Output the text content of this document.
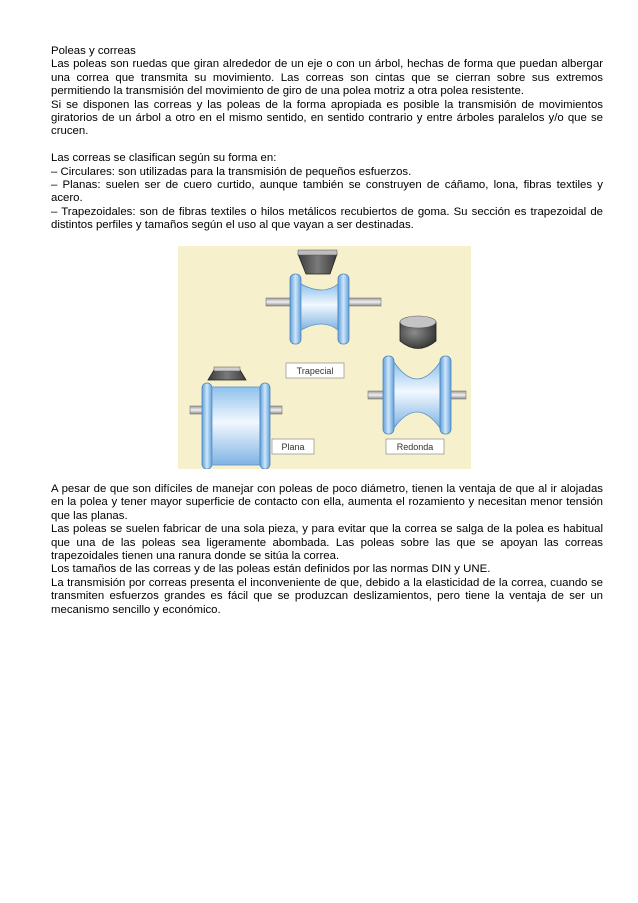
Poleas y correas

Las poleas son ruedas que giran alrededor de un eje o con un árbol, hechas de forma que puedan albergar una correa que transmita su movimiento. Las correas son cintas que se cierran sobre sus extremos permitiendo la transmisión del movimiento de giro de una polea motriz a otra polea resistente.

Si se disponen las correas y las poleas de la forma apropiada es posible la transmisión de movimientos giratorios de un árbol a otro en el mismo sentido, en sentido contrario y entre árboles paralelos y/o que se crucen.

Las correas se clasifican según su forma en:

– Circulares: son utilizadas para la transmisión de pequeños esfuerzos.

– Planas: suelen ser de cuero curtido, aunque también se construyen de cáñamo, lona, fibras textiles y acero.

– Trapezoidales: son de fibras textiles o hilos metálicos recubiertos de goma. Su sección es trapezoidal de distintos perfiles y tamaños según el uso al que vayan a ser destinadas.

Trapecial
Plana	Redonda

A pesar de que son difíciles de manejar con poleas de poco diámetro, tienen la ventaja de que al ir alojadas en la polea y tener mayor superficie de contacto con ella, aumenta el rozamiento y necesitan menor tensión que las planas.

Las poleas se suelen fabricar de una sola pieza, y para evitar que la correa se salga de la polea es habitual que una de las poleas sea ligeramente abombada. Las poleas sobre las que se apoyan las correas trapezoidales tienen una ranura donde se sitúa la correa.

Los tamaños de las correas y de las poleas están definidos por las normas DIN y UNE.

La transmisión por correas presenta el inconveniente de que, debido a la elasticidad de la correa, cuando se transmiten esfuerzos grandes es fácil que se produzcan deslizamientos, pero tiene la ventaja de ser un mecanismo sencillo y económico.
